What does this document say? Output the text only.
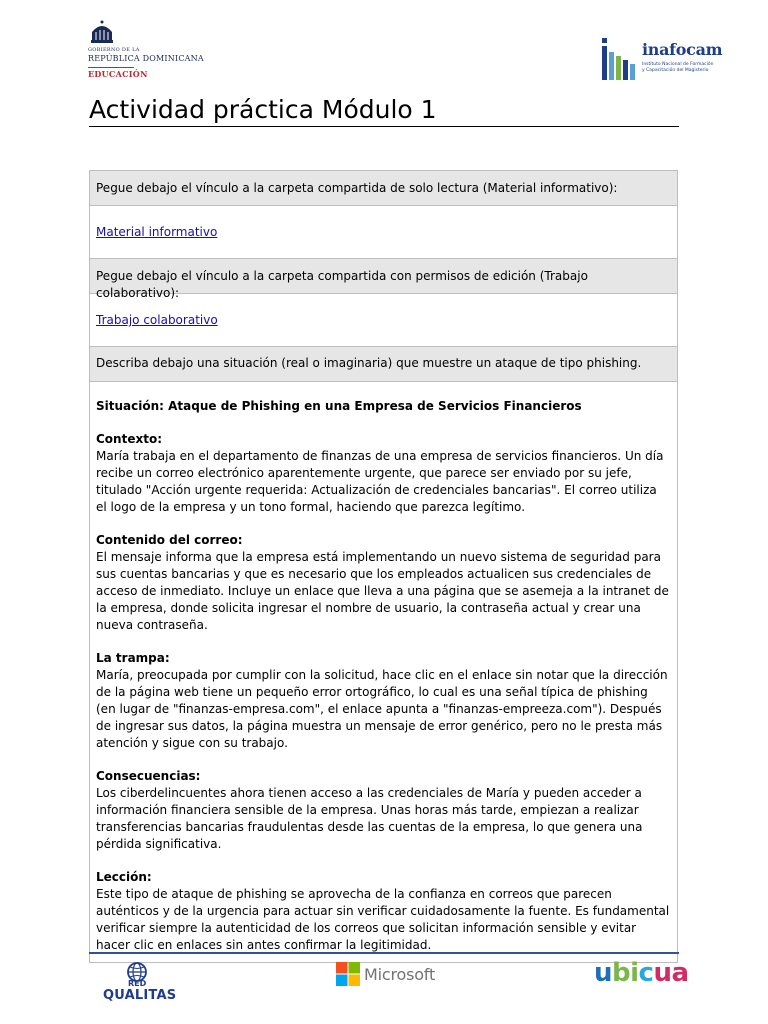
GOBIERNO DE LA
REPÚBLICA DOMINICANA
EDUCACIÓN
inafocam
Instituto Nacional de Formación
y Capacitación del Magisterio
Actividad práctica Módulo 1
Pegue debajo el vínculo a la carpeta compartida de solo lectura (Material informativo):
Material informativo
Pegue debajo el vínculo a la carpeta compartida con permisos de edición (Trabajo colaborativo):
Trabajo colaborativo
Describa debajo una situación (real o imaginaria) que muestre un ataque de tipo phishing.
Situación: Ataque de Phishing en una Empresa de Servicios Financieros
Contexto:

María trabaja en el departamento de finanzas de una empresa de servicios financieros. Un día recibe un correo electrónico aparentemente urgente, que parece ser enviado por su jefe, titulado "Acción urgente requerida: Actualización de credenciales bancarias". El correo utiliza el logo de la empresa y un tono formal, haciendo que parezca legítimo.

Contenido del correo:

El mensaje informa que la empresa está implementando un nuevo sistema de seguridad para sus cuentas bancarias y que es necesario que los empleados actualicen sus credenciales de acceso de inmediato. Incluye un enlace que lleva a una página que se asemeja a la intranet de la empresa, donde solicita ingresar el nombre de usuario, la contraseña actual y crear una nueva contraseña.

La trampa:

María, preocupada por cumplir con la solicitud, hace clic en el enlace sin notar que la dirección de la página web tiene un pequeño error ortográfico, lo cual es una señal típica de phishing (en lugar de "finanzas-empresa.com", el enlace apunta a "finanzas-empreeza.com"). Después de ingresar sus datos, la página muestra un mensaje de error genérico, pero no le presta más atención y sigue con su trabajo.

Consecuencias:

Los ciberdelincuentes ahora tienen acceso a las credenciales de María y pueden acceder a información financiera sensible de la empresa. Unas horas más tarde, empiezan a realizar transferencias bancarias fraudulentas desde las cuentas de la empresa, lo que genera una pérdida significativa.

Lección:

Este tipo de ataque de phishing se aprovecha de la confianza en correos que parecen auténticos y de la urgencia para actuar sin verificar cuidadosamente la fuente. Es fundamental verificar siempre la autenticidad de los correos que solicitan información sensible y evitar hacer clic en enlaces sin antes confirmar la legitimidad.

RED
QUALITAS
Microsoft	ubicua
